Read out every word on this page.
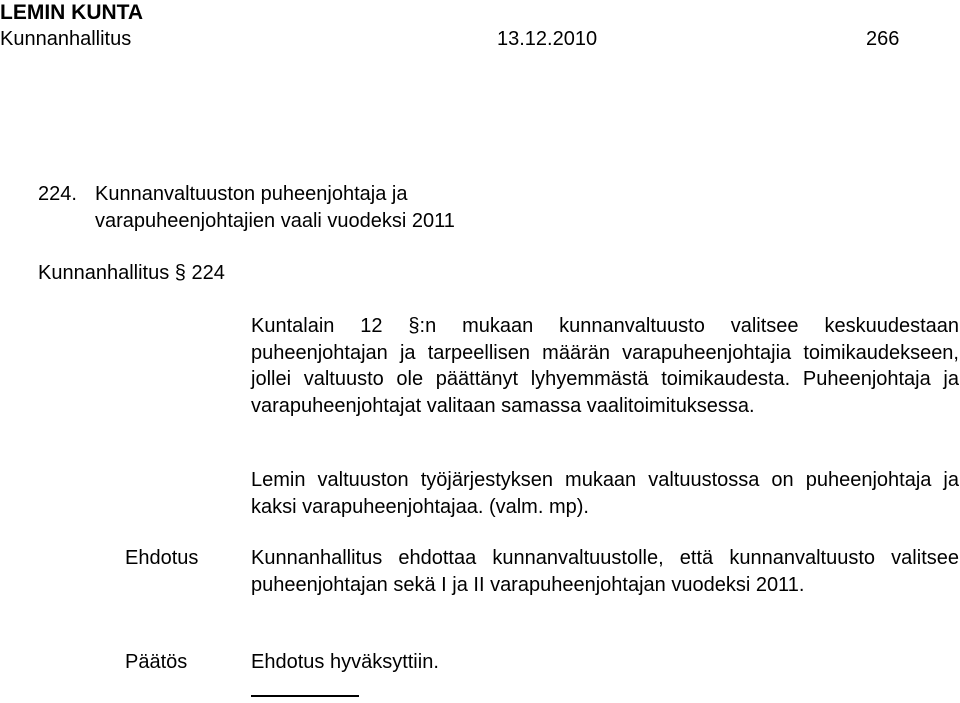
LEMIN KUNTA
Kunnanhallitus	13.12.2010	266
224. Kunnanvaltuuston puheenjohtaja ja
varapuheenjohtajien vaali vuodeksi 2011
Kunnanhallitus § 224
Kuntalain 12 §:n mukaan kunnanvaltuusto valitsee keskuudestaan puheenjohtajan ja tarpeellisen määrän varapuheenjohtajia toimikaudekseen, jollei valtuusto ole päättänyt lyhyemmästä toimikaudesta. Puheenjohtaja ja varapuheenjohtajat valitaan samassa vaalitoimituksessa.
Lemin valtuuston työjärjestyksen mukaan valtuustossa on puheenjohtaja ja kaksi varapuheenjohtajaa. (valm. mp).
Ehdotus	Kunnanhallitus ehdottaa kunnanvaltuustolle, että kunnanvaltuusto valitsee puheenjohtajan sekä I ja II varapuheenjohtajan vuodeksi 2011.
Päätös	Ehdotus hyväksyttiin.
